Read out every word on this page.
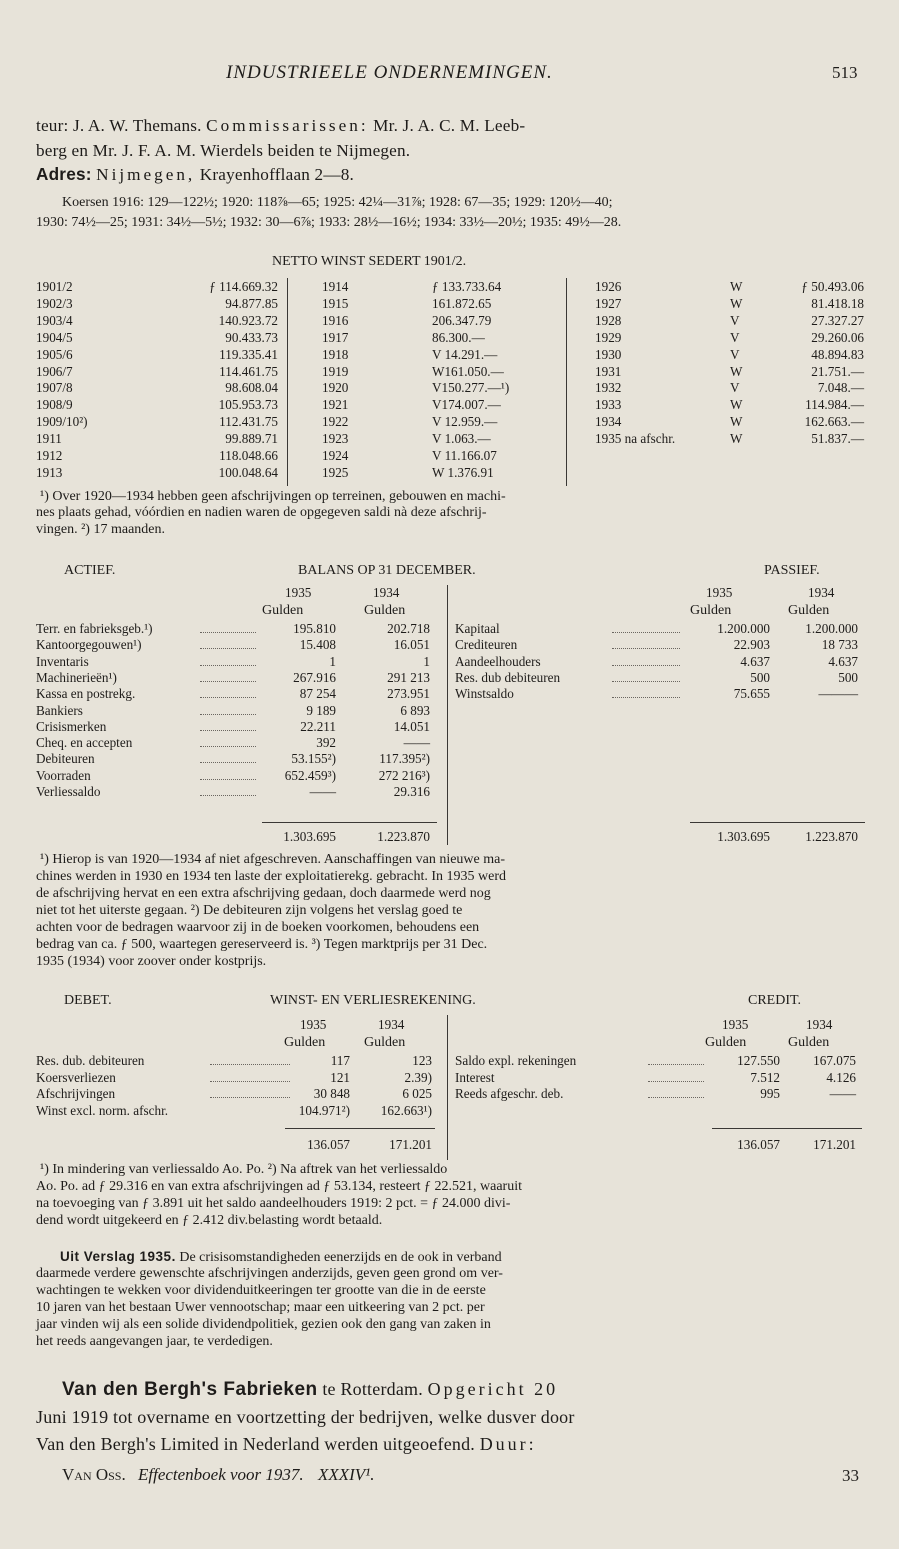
INDUSTRIEELE ONDERNEMINGEN.	513
teur: J. A. W. Themans. Commissarissen: Mr. J. A. C. M. Leeb-
berg en Mr. J. F. A. M. Wierdels beiden te Nijmegen.
Adres: Nijmegen, Krayenhofflaan 2—8.
Koersen 1916: 129—122½; 1920: 118⅞—65; 1925: 42¼—31⅞; 1928: 67—35; 1929: 120½—40;
1930: 74½—25; 1931: 34½—5½; 1932: 30—6⅞; 1933: 28½—16½; 1934: 33½—20½; 1935: 49½—28.
NETTO WINST SEDERT 1901/2.
1901/2	ƒ 114.669.32
1902/3	94.877.85
1903/4	140.923.72
1904/5	90.433.73
1905/6	119.335.41
1906/7	114.461.75
1907/8	98.608.04
1908/9	105.953.73
1909/10²)	112.431.75
1911	99.889.71
1912	118.048.66
1913	100.048.64
1914	ƒ 133.733.64
1915	161.872.65
1916	206.347.79
1917	86.300.—
1918	V 14.291.—
1919	W161.050.—
1920	V150.277.—¹)
1921	V174.007.—
1922	V 12.959.—
1923	V 1.063.—
1924	V 11.166.07
1925	W 1.376.91
1926	W	ƒ 50.493.06
1927	W	81.418.18
1928	V	27.327.27
1929	V	29.260.06
1930	V	48.894.83
1931	W	21.751.—
1932	V	7.048.—
1933	W	114.984.—
1934	W	162.663.—
1935 na afschr.	W	51.837.—
¹) Over 1920—1934 hebben geen afschrijvingen op terreinen, gebouwen en machi-
nes plaats gehad, vóórdien en nadien waren de opgegeven saldi nà deze afschrij-
vingen. ²) 17 maanden.
ACTIEF.	BALANS OP 31 DECEMBER.	PASSIEF.
1935	1934
Gulden	Gulden
1935	1934
Gulden	Gulden
Terr. en fabrieksgeb.¹)	195.810	202.718
Kantoorgegouwen¹)	15.408	16.051
Inventaris	1	1
Machinerieën¹)	267.916	291 213
Kassa en postrekg.	87 254	273.951
Bankiers	9 189	6 893
Crisismerken	22.211	14.051
Cheq. en accepten	392	——
Debiteuren	53.155²)	117.395²)
Voorraden	652.459³)	272 216³)
Verliessaldo	——	29.316
Kapitaal	1.200.000	1.200.000
Crediteuren	22.903	18 733
Aandeelhouders	4.637	4.637
Res. dub debiteuren	500	500
Winstsaldo	75.655	———
1.303.695	1.223.870	1.303.695	1.223.870
¹) Hierop is van 1920—1934 af niet afgeschreven. Aanschaffingen van nieuwe ma-
chines werden in 1930 en 1934 ten laste der exploitatierekg. gebracht. In 1935 werd
de afschrijving hervat en een extra afschrijving gedaan, doch daarmede werd nog
niet tot het uiterste gegaan. ²) De debiteuren zijn volgens het verslag goed te
achten voor de bedragen waarvoor zij in de boeken voorkomen, behoudens een
bedrag van ca. ƒ 500, waartegen gereserveerd is. ³) Tegen marktprijs per 31 Dec.
1935 (1934) voor zoover onder kostprijs.
DEBET.	WINST- EN VERLIESREKENING.	CREDIT.
1935	1934
Gulden	Gulden
1935	1934
Gulden	Gulden
Res. dub. debiteuren	117	123
Koersverliezen	121	2.39)
Afschrijvingen	30 848	6 025
Winst excl. norm. afschr.	104.971²)	162.663¹)
Saldo expl. rekeningen	127.550	167.075
Interest	7.512	4.126
Reeds afgeschr. deb.	995	——
136.057	171.201	136.057	171.201
¹) In mindering van verliessaldo Ao. Po. ²) Na aftrek van het verliessaldo
Ao. Po. ad ƒ 29.316 en van extra afschrijvingen ad ƒ 53.134, resteert ƒ 22.521, waaruit
na toevoeging van ƒ 3.891 uit het saldo aandeelhouders 1919: 2 pct. = ƒ 24.000 divi-
dend wordt uitgekeerd en ƒ 2.412 div.belasting wordt betaald.
Uit Verslag 1935. De crisisomstandigheden eenerzijds en de ook in verband
daarmede verdere gewenschte afschrijvingen anderzijds, geven geen grond om ver-
wachtingen te wekken voor dividenduitkeeringen ter grootte van die in de eerste
10 jaren van het bestaan Uwer vennootschap; maar een uitkeering van 2 pct. per
jaar vinden wij als een solide dividendpolitiek, gezien ook den gang van zaken in
het reeds aangevangen jaar, te verdedigen.
Van den Bergh's Fabrieken te Rotterdam. Opgericht 20
Juni 1919 tot overname en voortzetting der bedrijven, welke dusver door
Van den Bergh's Limited in Nederland werden uitgeoefend. Duur:
Van Oss. Effectenboek voor 1937. XXXIV¹.	33
